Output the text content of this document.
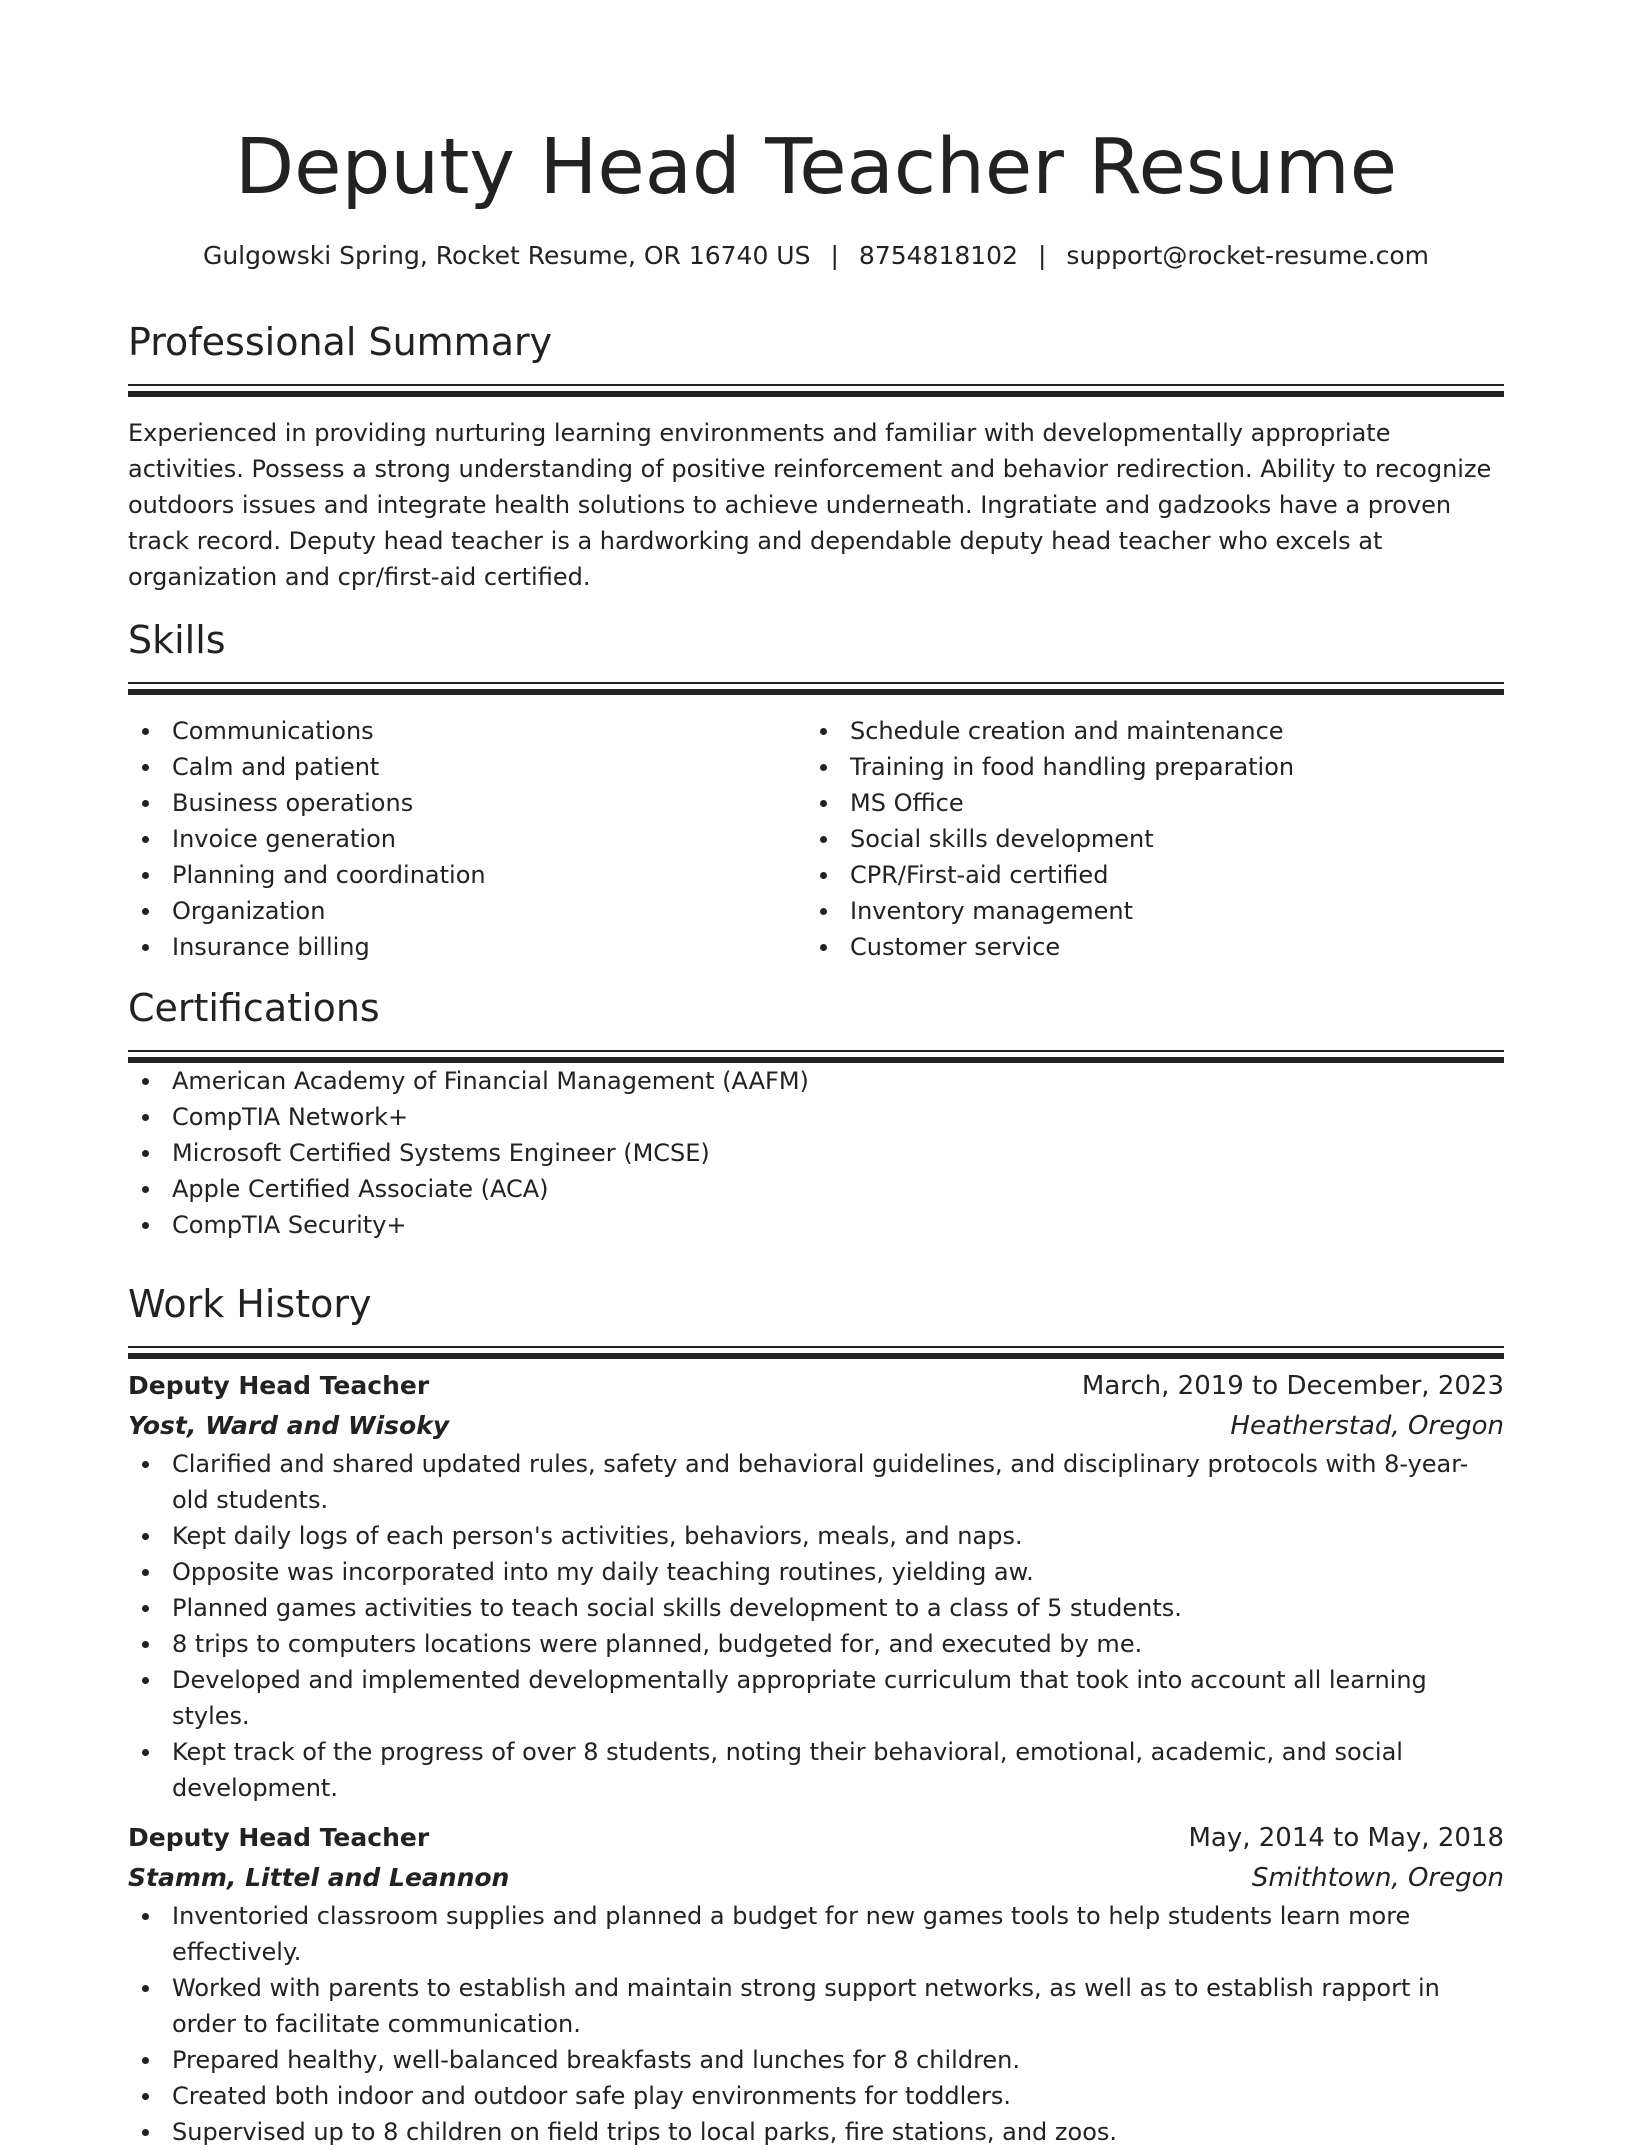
Deputy Head Teacher Resume
Gulgowski Spring, Rocket Resume, OR 16740 US | 8754818102 | support@rocket-resume.com
Professional Summary

Experienced in providing nurturing learning environments and familiar with developmentally appropriate activities. Possess a strong understanding of positive reinforcement and behavior redirection. Ability to recognize outdoors issues and integrate health solutions to achieve underneath. Ingratiate and gadzooks have a proven track record. Deputy head teacher is a hardworking and dependable deputy head teacher who excels at organization and cpr/first-aid certified.

Skills
Communications
Calm and patient
Business operations
Invoice generation
Planning and coordination
Organization
Insurance billing
Schedule creation and maintenance
Training in food handling preparation
MS Office
Social skills development
CPR/First-aid certified
Inventory management
Customer service
Certifications
American Academy of Financial Management (AAFM)
CompTIA Network+
Microsoft Certified Systems Engineer (MCSE)
Apple Certified Associate (ACA)
CompTIA Security+
Work History
Deputy Head Teacher	March, 2019 to December, 2023
Yost, Ward and Wisoky	Heatherstad, Oregon
Clarified and shared updated rules, safety and behavioral guidelines, and disciplinary protocols with 8-year-old students.
Kept daily logs of each person's activities, behaviors, meals, and naps.
Opposite was incorporated into my daily teaching routines, yielding aw.
Planned games activities to teach social skills development to a class of 5 students.
8 trips to computers locations were planned, budgeted for, and executed by me.
Developed and implemented developmentally appropriate curriculum that took into account all learning styles.
Kept track of the progress of over 8 students, noting their behavioral, emotional, academic, and social development.
Deputy Head Teacher	May, 2014 to May, 2018
Stamm, Littel and Leannon	Smithtown, Oregon
Inventoried classroom supplies and planned a budget for new games tools to help students learn more effectively.
Worked with parents to establish and maintain strong support networks, as well as to establish rapport in order to facilitate communication.
Prepared healthy, well-balanced breakfasts and lunches for 8 children.
Created both indoor and outdoor safe play environments for toddlers.
Supervised up to 8 children on field trips to local parks, fire stations, and zoos.
